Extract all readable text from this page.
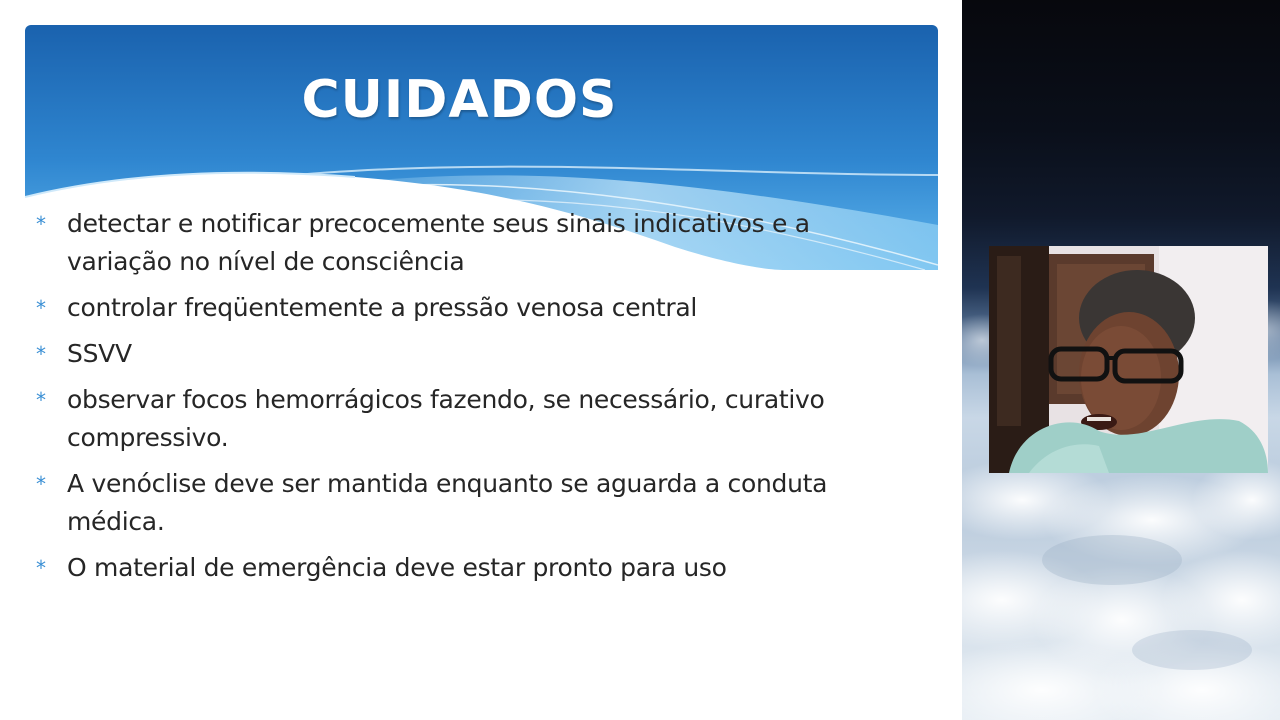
CUIDADOS
* detectar e notificar precocemente seus sinais indicativos e a
variação no nível de consciência
* controlar freqüentemente a pressão venosa central
* SSVV
* observar focos hemorrágicos fazendo, se necessário, curativo
compressivo.
* A venóclise deve ser mantida enquanto se aguarda a conduta
médica.
* O material de emergência deve estar pronto para uso
